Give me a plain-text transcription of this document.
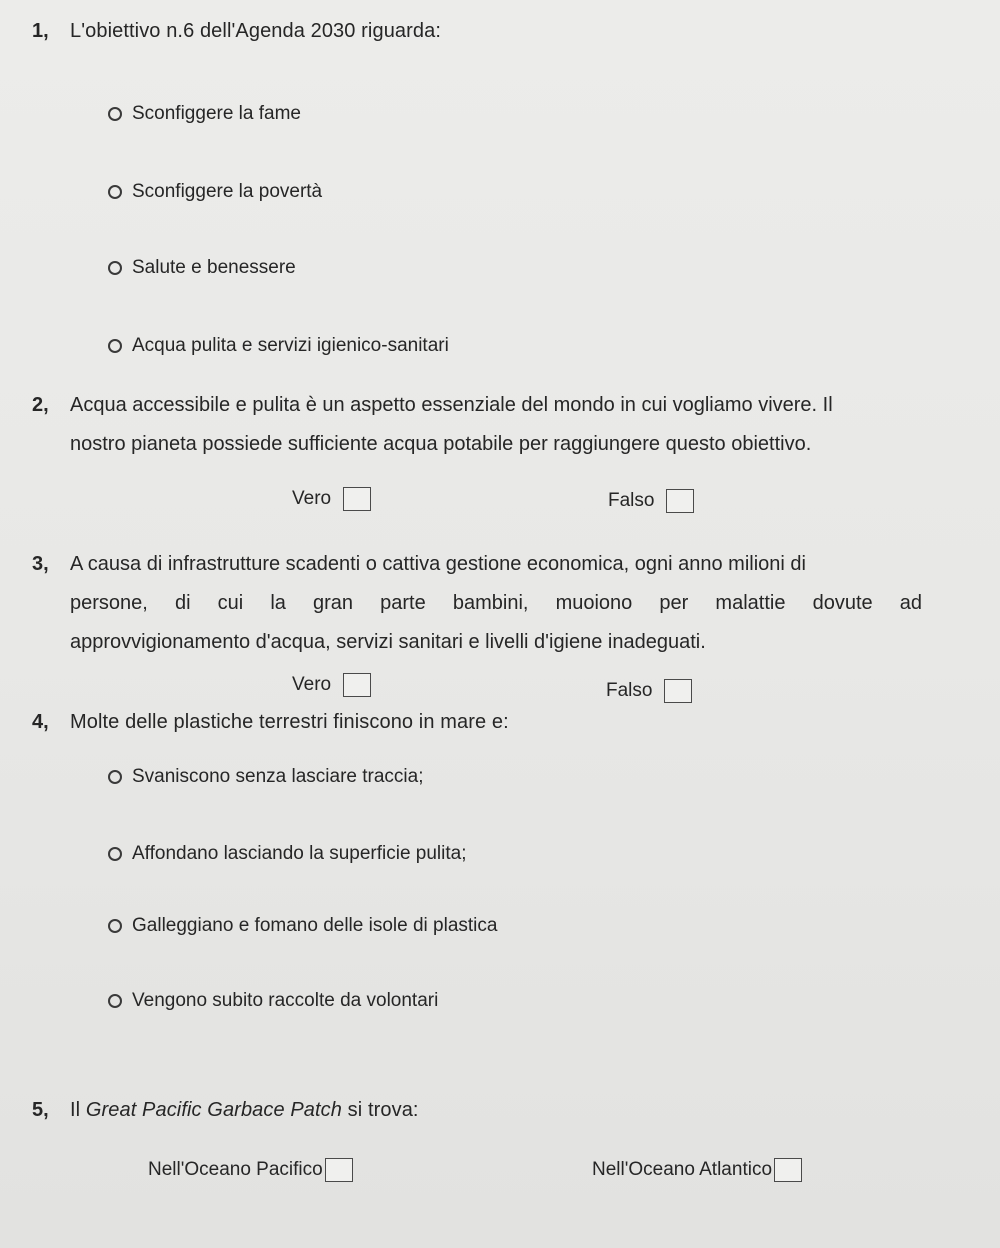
1, L'obiettivo n.6 dell'Agenda 2030 riguarda:
Sconfiggere la fame
Sconfiggere la povertà
Salute e benessere
Acqua pulita e servizi igienico-sanitari
2, Acqua accessibile e pulita è un aspetto essenziale del mondo in cui vogliamo vivere. Il
nostro pianeta possiede sufficiente acqua potabile per raggiungere questo obiettivo.
Vero	Falso
3, A causa di infrastrutture scadenti o cattiva gestione economica, ogni anno milioni di
persone, di cui la gran parte bambini, muoiono per malattie dovute ad
approvvigionamento d'acqua, servizi sanitari e livelli d'igiene inadeguati.
Vero	Falso
4, Molte delle plastiche terrestri finiscono in mare e:
Svaniscono senza lasciare traccia;
Affondano lasciando la superficie pulita;
Galleggiano e fomano delle isole di plastica
Vengono subito raccolte da volontari
5, Il Great Pacific Garbace Patch si trova:
Nell'Oceano Pacifico	Nell'Oceano Atlantico
